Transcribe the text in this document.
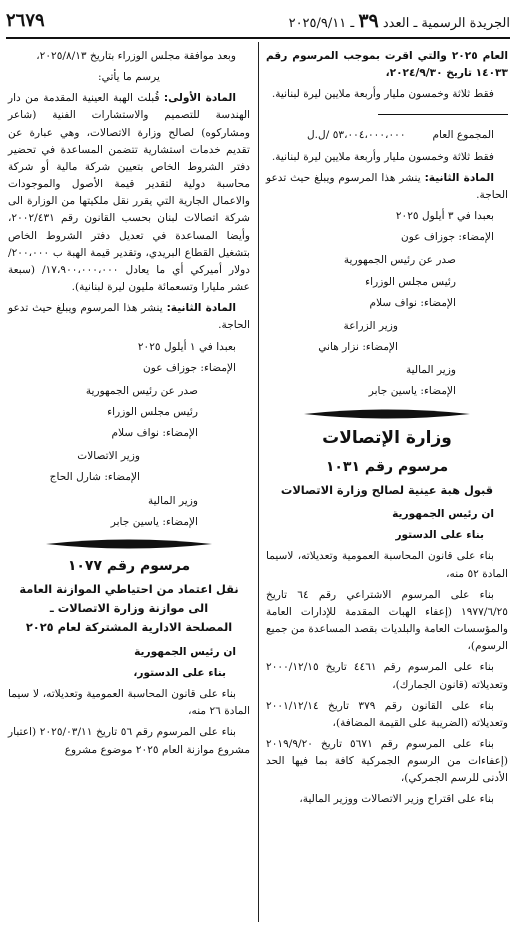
الجريدة الرسمية ـ العدد ٣٩ ـ ٢٠٢٥/٩/١١
٢٦٧٩

العام ٢٠٢٥ والتي اقرت بموجب المرسوم رقم ١٤٠٣٣ تاريخ ٢٠٢٤/٩/٣٠،

فقط ثلاثة وخمسون مليار وأربعة ملايين ليرة لبنانية.

المجموع العام        ٥٣،٠٠٤،٠٠٠،٠٠٠ /ل.ل

فقط ثلاثة وخمسون مليار وأربعة ملايين ليرة لبنانية.

المادة الثانية: ينشر هذا المرسوم ويبلغ حيث تدعو الحاجة.

بعبدا في ٣ أيلول ٢٠٢٥

الإمضاء: جوزاف عون

صدر عن رئيس الجمهورية

رئيس مجلس الوزراء

الإمضاء: نواف سلام

وزير الزراعة

الإمضاء: نزار هاني

وزير المالية

الإمضاء: ياسين جابر

وزارة الإتصالات
مرسوم رقم ١٠٣١
قبول هبة عينية لصالح وزارة الاتصالات

ان رئيس الجمهورية

بناء على الدستور

بناء على قانون المحاسبة العمومية وتعديلاته، لاسيما المادة ٥٢ منه،

بناء على المرسوم الاشتراعي رقم ٦٤ تاريخ ١٩٧٧/٦/٢٥ (إعفاء الهبات المقدمة للإدارات العامة والمؤسسات العامة والبلديات بقصد المساعدة من جميع الرسوم)،

بناء على المرسوم رقم ٤٤٦١ تاريخ ٢٠٠٠/١٢/١٥ وتعديلاته (قانون الجمارك)،

بناء على القانون رقم ٣٧٩ تاريخ ٢٠٠١/١٢/١٤ وتعديلاته (الضريبة على القيمة المضافة)،

بناء على المرسوم رقم ٥٦٧١ تاريخ ٢٠١٩/٩/٢٠ (إعفاءات من الرسوم الجمركية كافة بما فيها الحد الأدنى للرسم الجمركي)،

بناء على اقتراح وزير الاتصالات ووزير المالية،

وبعد موافقة مجلس الوزراء بتاريخ ٢٠٢٥/٨/١٣،

يرسم ما يأتي:

المادة الأولى: قُبلت الهبة العينية المقدمة من دار الهندسة للتصميم والاستشارات الفنية (شاعر ومشاركوه) لصالح وزارة الاتصالات، وهي عبارة عن تقديم خدمات استشارية تتضمن المساعدة في تحضير دفتر الشروط الخاص بتعيين شركة مالية أو شركة محاسبة دولية لتقدير قيمة الأصول والموجودات والاعمال الجارية التي يقرر نقل ملكيتها من الوزارة الى شركة اتصالات لبنان بحسب القانون رقم ٢٠٠٢/٤٣١، وأيضا المساعدة في تعديل دفتر الشروط الخاص بتشغيل القطاع البريدي، وتقدير قيمة الهبة ب ٢٠٠،٠٠٠/ دولار أميركي أي ما يعادل ١٧،٩٠٠،٠٠٠،٠٠٠/ (سبعة عشر مليارا وتسعمائة مليون ليرة لبنانية).

المادة الثانية: ينشر هذا المرسوم ويبلغ حيث تدعو الحاجة.

بعبدا في ١ أيلول ٢٠٢٥

الإمضاء: جوزاف عون

صدر عن رئيس الجمهورية

رئيس مجلس الوزراء

الإمضاء: نواف سلام

وزير الاتصالات

الإمضاء: شارل الحاج

وزير المالية

الإمضاء: ياسين جابر

مرسوم رقم ١٠٧٧
نقل اعتماد من احتياطي الموازنة العامة
الى موازنة وزارة الاتصالات ـ
المصلحة الادارية المشتركة لعام ٢٠٢٥

ان رئيس الجمهورية

بناء على الدستور،

بناء على قانون المحاسبة العمومية وتعديلاته، لا سيما المادة ٢٦ منه،

بناء على المرسوم رقم ٥٦ تاريخ ٢٠٢٥/٠٣/١١ (اعتبار مشروع موازنة العام ٢٠٢٥ موضوع مشروع
